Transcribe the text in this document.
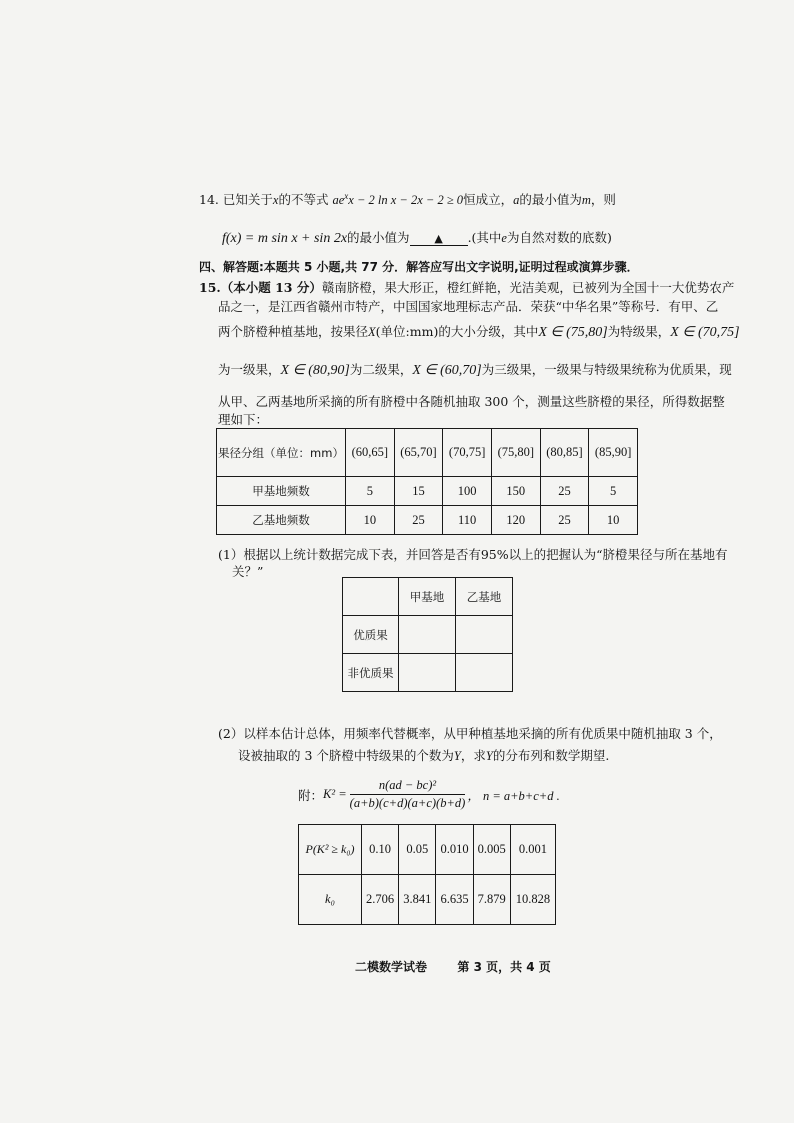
14. 已知关于x的不等式 $ae^xx - 2$ ln x − 2x − 2 ≥ 0恒成立，a的最小值为m，则
f(x) = m sin x + sin 2x的最小值为 ▲ .(其中e为自然对数的底数)
四、解答题:本题共 5 小题,共 77 分．解答应写出文字说明,证明过程或演算步骤．
15.（本小题 13 分）赣南脐橙，果大形正，橙红鲜艳，光洁美观，已被列为全国十一大优势农产
品之一，是江西省赣州市特产，中国国家地理标志产品．荣获“中华名果”等称号．有甲、乙
两个脐橙种植基地，按果径X(单位:mm)的大小分级，其中X ∈ (75,80]为特级果，X ∈ (70,75]
为一级果，X ∈ (80,90]为二级果，X ∈ (60,70]为三级果，一级果与特级果统称为优质果，现
从甲、乙两基地所采摘的所有脐橙中各随机抽取 300 个，测量这些脐橙的果径，所得数据整
理如下：
果径分组（单位：mm）	(60,65]	(65,70]	(70,75]	(75,80]	(80,85]	(85,90]
甲基地频数	5	15	100	150	25	5
乙基地频数	10	25	110	120	25	10
(1）根据以上统计数据完成下表，并回答是否有95%以上的把握认为“脐橙果径与所在基地有
关？”
	甲基地	乙基地
优质果		
非优质果		
(2）以样本估计总体，用频率代替概率，从甲种植基地采摘的所有优质果中随机抽取 3 个，
设被抽取的 3 个脐橙中特级果的个数为Y，求Y的分布列和数学期望.
附： $K^2 = \frac{\text{n(ad − bc)²}}{(a+b)(c+d)(a+c)(b+d)}$ ， n = a+b+c+d .
P(K² ≥ k₀)	0.10	0.05	0.010	0.005	0.001
k₀	2.706	3.841	6.635	7.879	10.828
二模数学试卷	第 3 页，共 4 页
